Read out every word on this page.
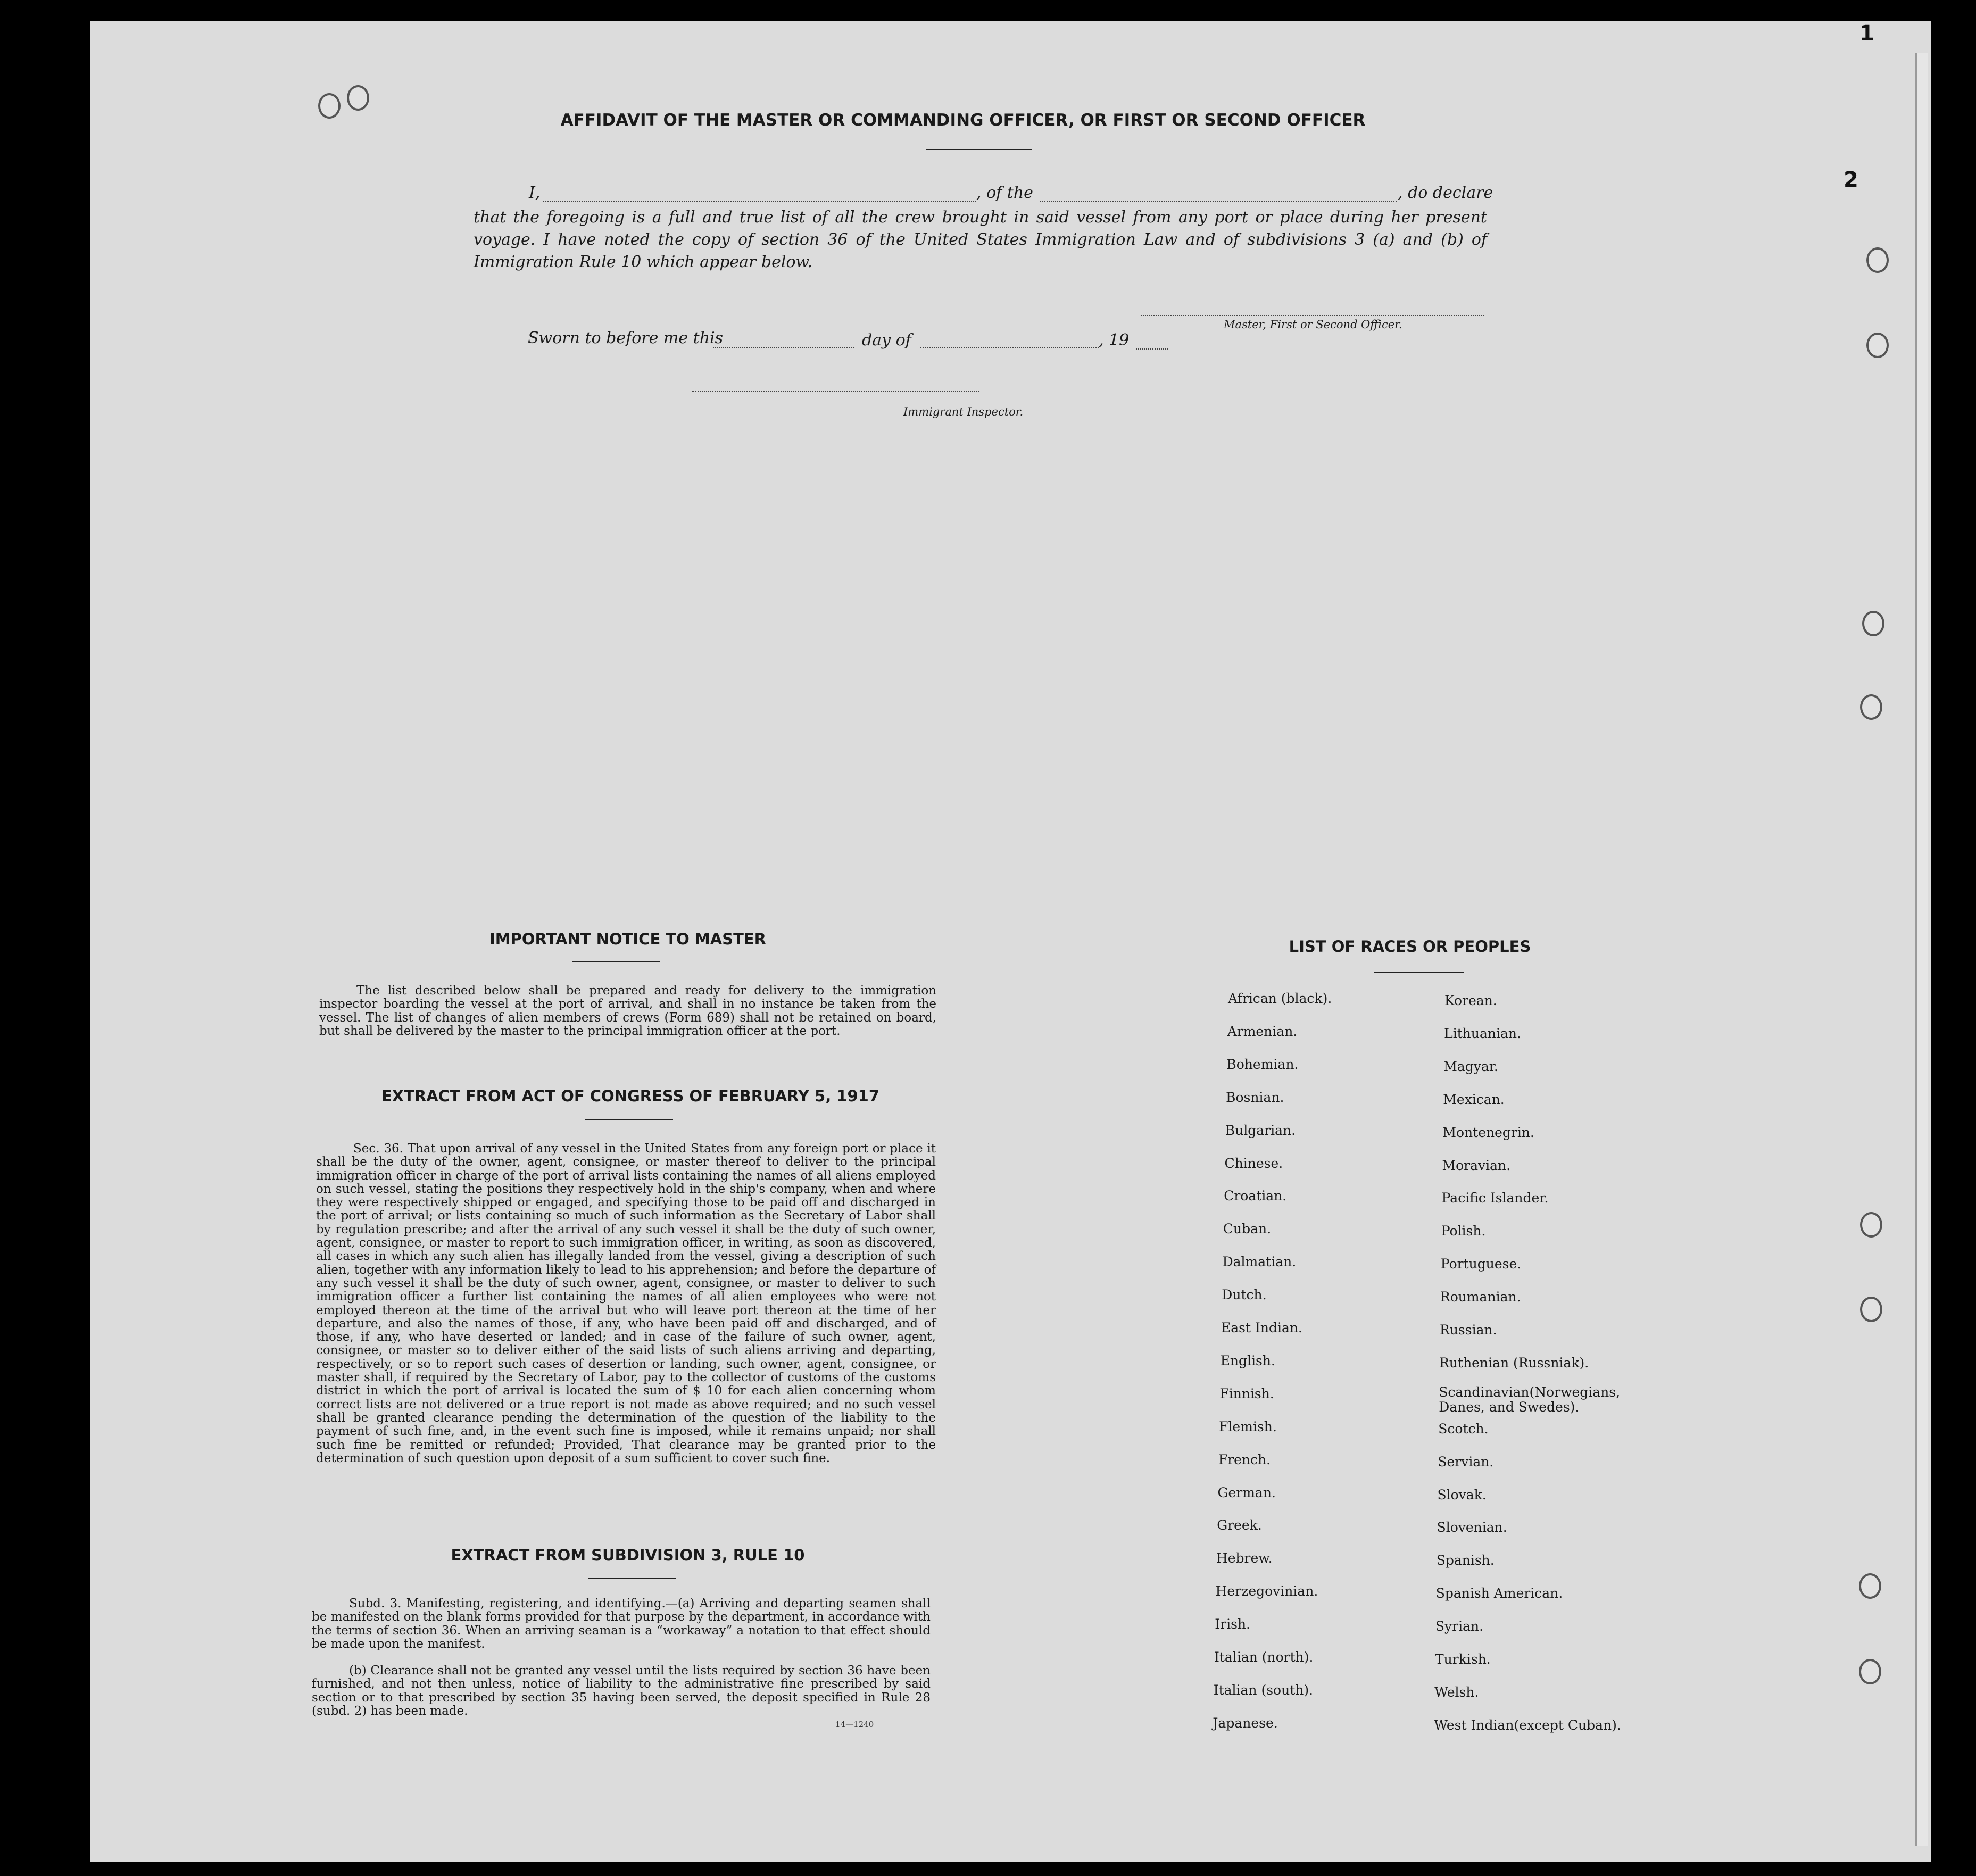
1
2
AFFIDAVIT OF THE MASTER OR COMMANDING OFFICER, OR FIRST OR SECOND OFFICER
I,	, of the	, do declare
that the foregoing is a full and true list of all the crew brought in said vessel from any port or place during her present voyage. I have noted the copy of section 36 of the United States Immigration Law and of subdivisions 3 (a) and (b) of Immigration Rule 10 which appear below.
Master, First or Second Officer.
Sworn to before me this	day of	, 19
Immigrant Inspector.
IMPORTANT NOTICE TO MASTER
The list described below shall be prepared and ready for delivery to the immigration inspector boarding the vessel at the port of arrival, and shall in no instance be taken from the vessel. The list of changes of alien members of crews (Form 689) shall not be retained on board, but shall be delivered by the master to the principal immigration officer at the port.
EXTRACT FROM ACT OF CONGRESS OF FEBRUARY 5, 1917
Sec. 36. That upon arrival of any vessel in the United States from any foreign port or place it shall be the duty of the owner, agent, consignee, or master thereof to deliver to the principal immigration officer in charge of the port of arrival lists containing the names of all aliens employed on such vessel, stating the positions they respectively hold in the ship's company, when and where they were respectively shipped or engaged, and specifying those to be paid off and discharged in the port of arrival; or lists containing so much of such information as the Secretary of Labor shall by regulation prescribe; and after the arrival of any such vessel it shall be the duty of such owner, agent, consignee, or master to report to such immigration officer, in writing, as soon as discovered, all cases in which any such alien has illegally landed from the vessel, giving a description of such alien, together with any information likely to lead to his apprehension; and before the departure of any such vessel it shall be the duty of such owner, agent, consignee, or master to deliver to such immigration officer a further list containing the names of all alien employees who were not employed thereon at the time of the arrival but who will leave port thereon at the time of her departure, and also the names of those, if any, who have been paid off and discharged, and of those, if any, who have deserted or landed; and in case of the failure of such owner, agent, consignee, or master so to deliver either of the said lists of such aliens arriving and departing, respectively, or so to report such cases of desertion or landing, such owner, agent, consignee, or master shall, if required by the Secretary of Labor, pay to the collector of customs of the customs district in which the port of arrival is located the sum of $ 10 for each alien concerning whom correct lists are not delivered or a true report is not made as above required; and no such vessel shall be granted clearance pending the determination of the question of the liability to the payment of such fine, and, in the event such fine is imposed, while it remains unpaid; nor shall such fine be remitted or refunded; Provided, That clearance may be granted prior to the determination of such question upon deposit of a sum sufficient to cover such fine.
EXTRACT FROM SUBDIVISION 3, RULE 10
Subd. 3. Manifesting, registering, and identifying.—(a) Arriving and departing seamen shall be manifested on the blank forms provided for that purpose by the department, in accordance with the terms of section 36. When an arriving seaman is a “workaway” a notation to that effect should be made upon the manifest.
(b) Clearance shall not be granted any vessel until the lists required by section 36 have been furnished, and not then unless, notice of liability to the administrative fine prescribed by said section or to that prescribed by section 35 having been served, the deposit specified in Rule 28 (subd. 2) has been made.
14—1240
LIST OF RACES OR PEOPLES
African (black).
Armenian.
Bohemian.
Bosnian.
Bulgarian.
Chinese.
Croatian.
Cuban.
Dalmatian.
Dutch.
East Indian.
English.
Finnish.
Flemish.
French.
German.
Greek.
Hebrew.
Herzegovinian.
Irish.
Italian (north).
Italian (south).
Japanese.
Korean.
Lithuanian.
Magyar.
Mexican.
Montenegrin.
Moravian.
Pacific Islander.
Polish.
Portuguese.
Roumanian.
Russian.
Ruthenian (Russniak).
Scandinavian(Norwegians, Danes, and Swedes).
Scotch.
Servian.
Slovak.
Slovenian.
Spanish.
Spanish American.
Syrian.
Turkish.
Welsh.
West Indian(except Cuban).
